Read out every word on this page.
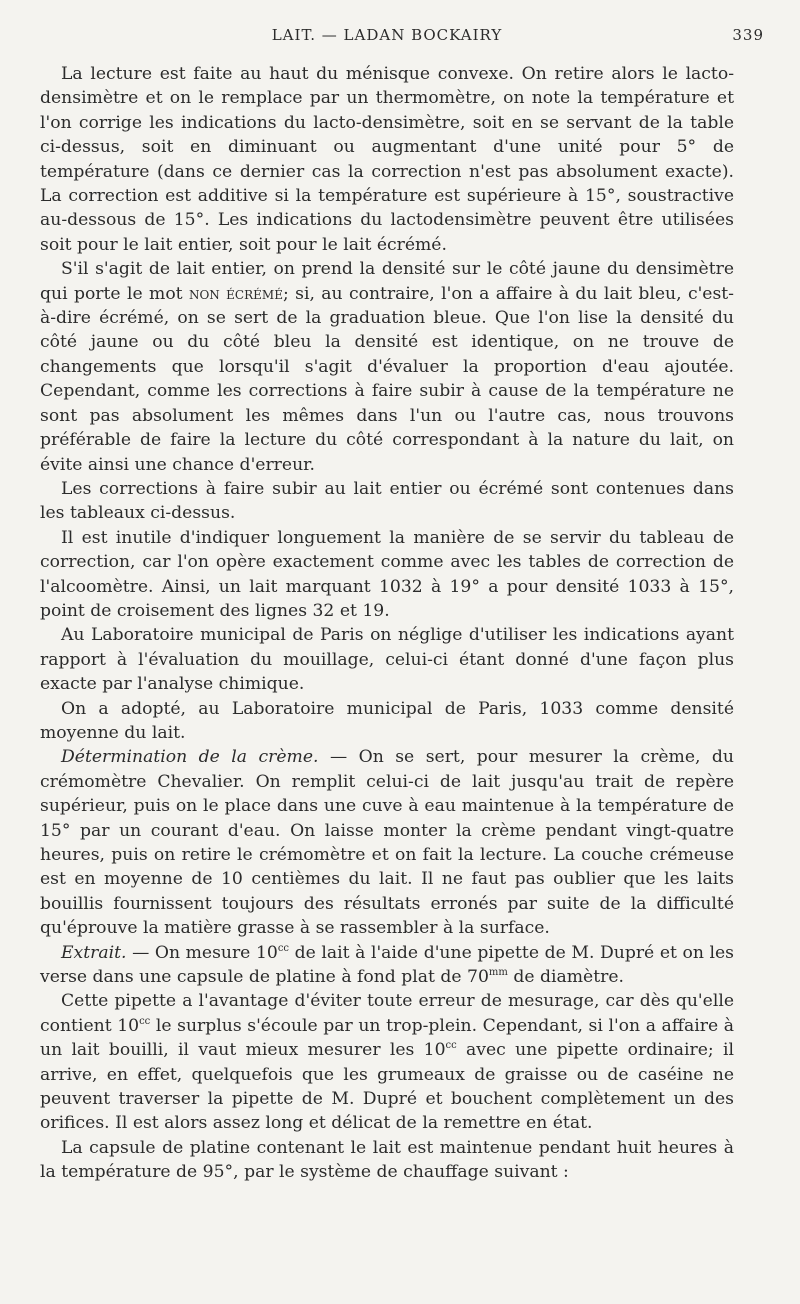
LAIT. — LADAN BOCKAIRY	339

La lecture est faite au haut du ménisque convexe. On retire alors le lacto-densimètre et on le remplace par un thermomètre, on note la température et l'on corrige les indications du lacto-densimètre, soit en se servant de la table ci-dessus, soit en diminuant ou augmentant d'une unité pour 5° de température (dans ce dernier cas la correction n'est pas absolument exacte). La correction est additive si la température est supérieure à 15°, soustractive au-dessous de 15°. Les indications du lactodensimètre peuvent être utilisées soit pour le lait entier, soit pour le lait écrémé.

S'il s'agit de lait entier, on prend la densité sur le côté jaune du densimètre qui porte le mot non écrémé; si, au contraire, l'on a affaire à du lait bleu, c'est-à-dire écrémé, on se sert de la graduation bleue. Que l'on lise la densité du côté jaune ou du côté bleu la densité est identique, on ne trouve de changements que lorsqu'il s'agit d'évaluer la proportion d'eau ajoutée. Cependant, comme les corrections à faire subir à cause de la température ne sont pas absolument les mêmes dans l'un ou l'autre cas, nous trouvons préférable de faire la lecture du côté correspondant à la nature du lait, on évite ainsi une chance d'erreur.

Les corrections à faire subir au lait entier ou écrémé sont contenues dans les tableaux ci-dessus.

Il est inutile d'indiquer longuement la manière de se servir du tableau de correction, car l'on opère exactement comme avec les tables de correction de l'alcoomètre. Ainsi, un lait marquant 1032 à 19° a pour densité 1033 à 15°, point de croisement des lignes 32 et 19.

Au Laboratoire municipal de Paris on néglige d'utiliser les indications ayant rapport à l'évaluation du mouillage, celui-ci étant donné d'une façon plus exacte par l'analyse chimique.

On a adopté, au Laboratoire municipal de Paris, 1033 comme densité moyenne du lait.

Détermination de la crème. — On se sert, pour mesurer la crème, du crémomètre Chevalier. On remplit celui-ci de lait jusqu'au trait de repère supérieur, puis on le place dans une cuve à eau maintenue à la température de 15° par un courant d'eau. On laisse monter la crème pendant vingt-quatre heures, puis on retire le crémomètre et on fait la lecture. La couche crémeuse est en moyenne de 10 centièmes du lait. Il ne faut pas oublier que les laits bouillis fournissent toujours des résultats erronés par suite de la difficulté qu'éprouve la matière grasse à se rassembler à la surface.

Extrait. — On mesure $10^{cc}$ de lait à l'aide d'une pipette de M. Dupré et on les verse dans une capsule de platine à fond plat de $70^{mm}$ de diamètre.

Cette pipette a l'avantage d'éviter toute erreur de mesurage, car dès qu'elle contient $10^{cc}$ le surplus s'écoule par un trop-plein. Cependant, si l'on a affaire à un lait bouilli, il vaut mieux mesurer les $10^{cc}$ avec une pipette ordinaire; il arrive, en effet, quelquefois que les grumeaux de graisse ou de caséine ne peuvent traverser la pipette de M. Dupré et bouchent complètement un des orifices. Il est alors assez long et délicat de la remettre en état.

La capsule de platine contenant le lait est maintenue pendant huit heures à la température de 95°, par le système de chauffage suivant :
